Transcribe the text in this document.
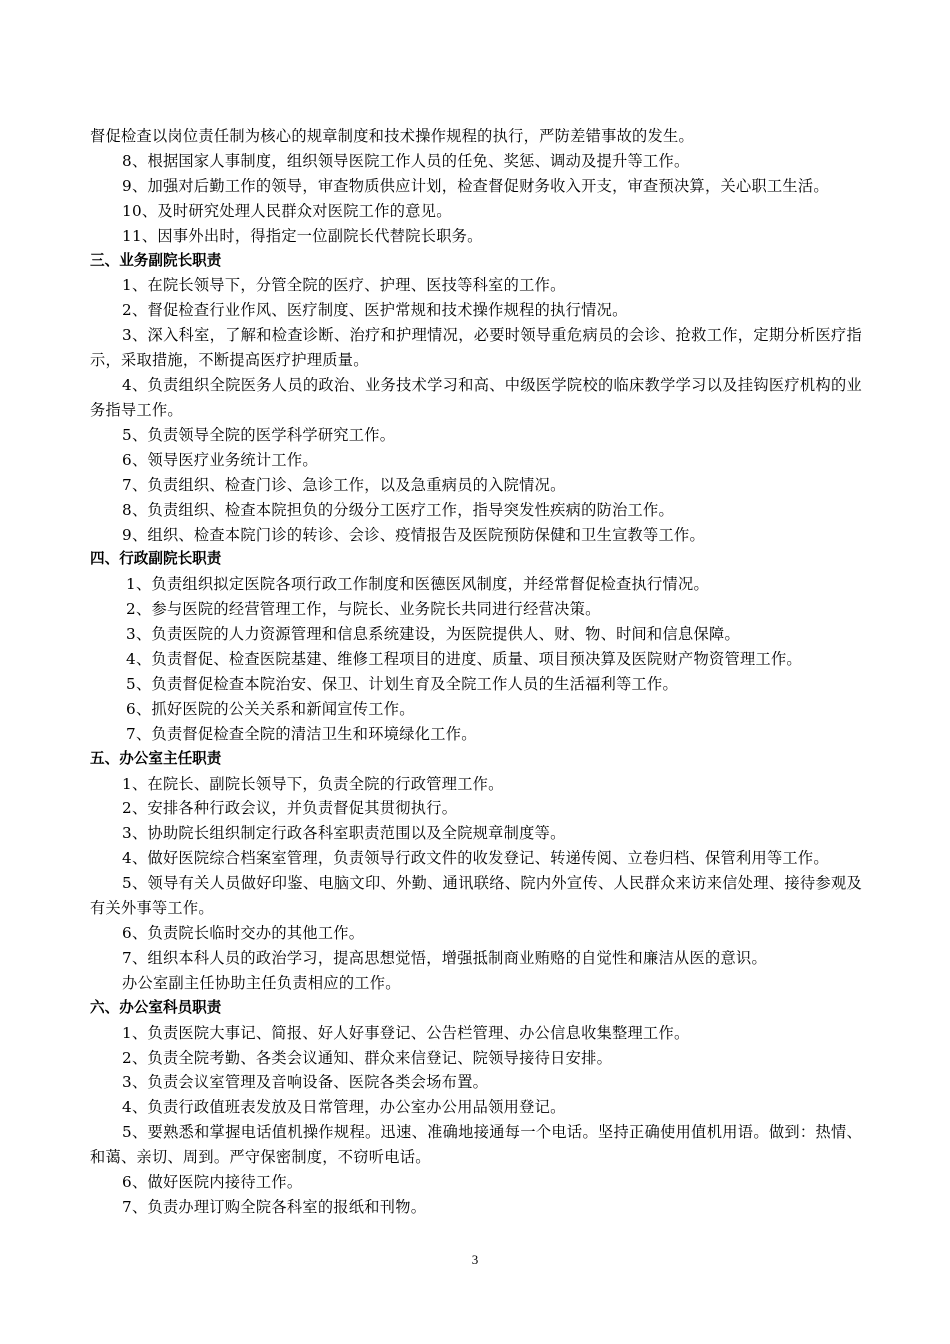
督促检查以岗位责任制为核心的规章制度和技术操作规程的执行，严防差错事故的发生。
8、根据国家人事制度，组织领导医院工作人员的任免、奖惩、调动及提升等工作。
9、加强对后勤工作的领导，审查物质供应计划，检查督促财务收入开支，审查预决算，关心职工生活。
10、及时研究处理人民群众对医院工作的意见。
11、因事外出时，得指定一位副院长代替院长职务。
三、业务副院长职责
1、在院长领导下，分管全院的医疗、护理、医技等科室的工作。
2、督促检查行业作风、医疗制度、医护常规和技术操作规程的执行情况。
3、深入科室，了解和检查诊断、治疗和护理情况，必要时领导重危病员的会诊、抢救工作，定期分析医疗指示，采取措施，不断提高医疗护理质量。
4、负责组织全院医务人员的政治、业务技术学习和高、中级医学院校的临床教学学习以及挂钩医疗机构的业务指导工作。
5、负责领导全院的医学科学研究工作。
6、领导医疗业务统计工作。
7、负责组织、检查门诊、急诊工作，以及急重病员的入院情况。
8、负责组织、检查本院担负的分级分工医疗工作，指导突发性疾病的防治工作。
9、组织、检查本院门诊的转诊、会诊、疫情报告及医院预防保健和卫生宣教等工作。
四、行政副院长职责
1、负责组织拟定医院各项行政工作制度和医德医风制度，并经常督促检查执行情况。
2、参与医院的经营管理工作，与院长、业务院长共同进行经营决策。
3、负责医院的人力资源管理和信息系统建设，为医院提供人、财、物、时间和信息保障。
4、负责督促、检查医院基建、维修工程项目的进度、质量、项目预决算及医院财产物资管理工作。
5、负责督促检查本院治安、保卫、计划生育及全院工作人员的生活福利等工作。
6、抓好医院的公关关系和新闻宣传工作。
7、负责督促检查全院的清洁卫生和环境绿化工作。
五、办公室主任职责
1、在院长、副院长领导下，负责全院的行政管理工作。
2、安排各种行政会议，并负责督促其贯彻执行。
3、协助院长组织制定行政各科室职责范围以及全院规章制度等。
4、做好医院综合档案室管理，负责领导行政文件的收发登记、转递传阅、立卷归档、保管利用等工作。
5、领导有关人员做好印鉴、电脑文印、外勤、通讯联络、院内外宣传、人民群众来访来信处理、接待参观及有关外事等工作。
6、负责院长临时交办的其他工作。
7、组织本科人员的政治学习，提高思想觉悟，增强抵制商业贿赂的自觉性和廉洁从医的意识。
办公室副主任协助主任负责相应的工作。
六、办公室科员职责
1、负责医院大事记、简报、好人好事登记、公告栏管理、办公信息收集整理工作。
2、负责全院考勤、各类会议通知、群众来信登记、院领导接待日安排。
3、负责会议室管理及音响设备、医院各类会场布置。
4、负责行政值班表发放及日常管理，办公室办公用品领用登记。
5、要熟悉和掌握电话值机操作规程。迅速、准确地接通每一个电话。坚持正确使用值机用语。做到：热情、和蔼、亲切、周到。严守保密制度，不窃听电话。
6、做好医院内接待工作。
7、负责办理订购全院各科室的报纸和刊物。
3
